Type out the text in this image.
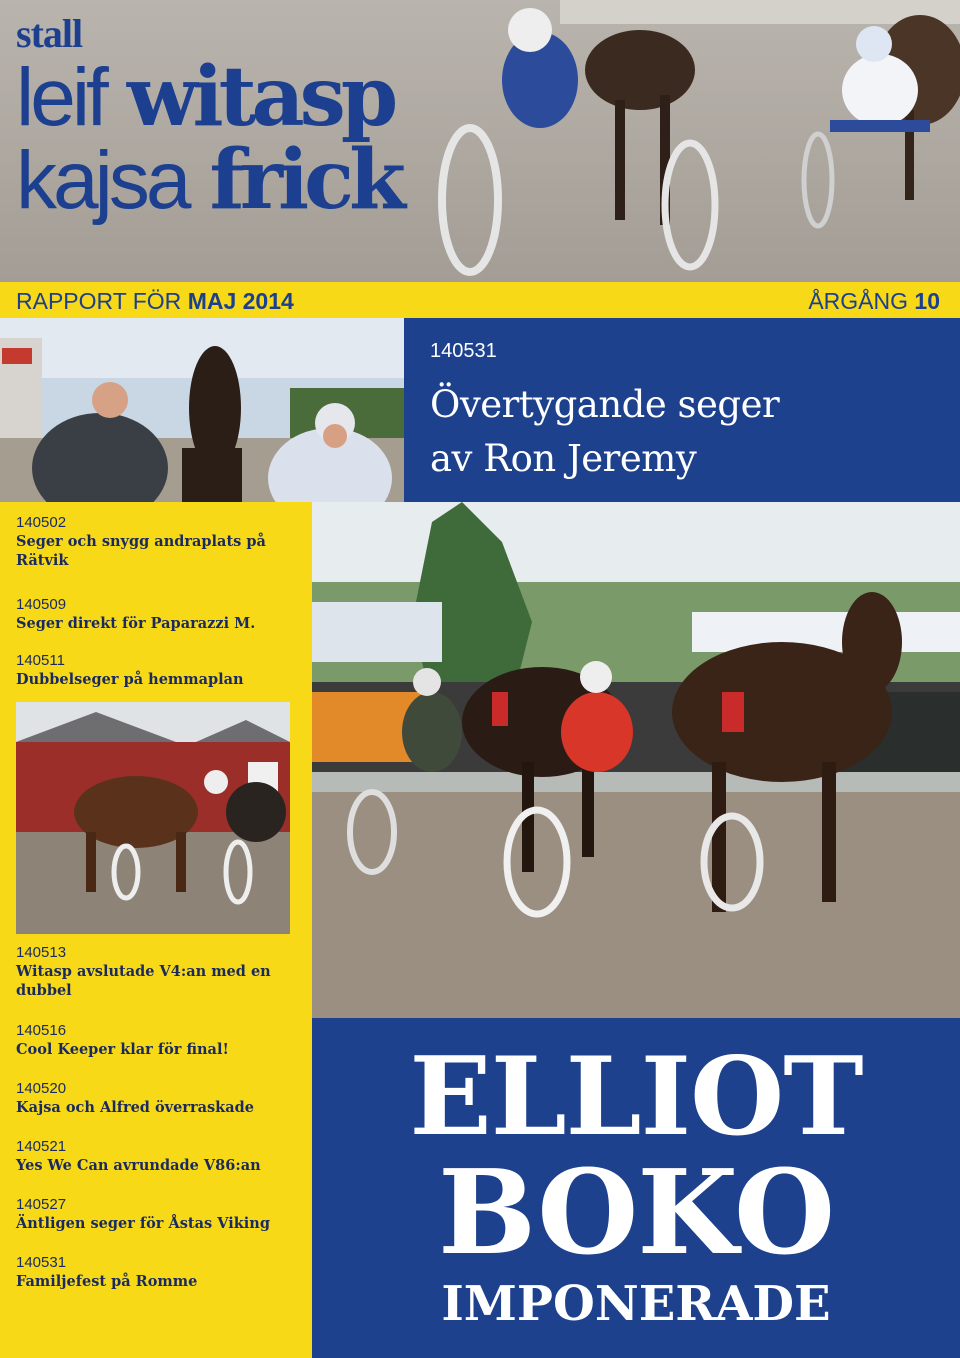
stall
leif witasp
kajsa frick
RAPPORT FÖR MAJ 2014	ÅRGÅNG 10
140531
Övertygande seger
av Ron Jeremy
140502
Seger och snygg andraplats på Rätvik
140509
Seger direkt för Paparazzi M.
140511
Dubbelseger på hemmaplan
140513
Witasp avslutade V4:an med en dubbel
140516
Cool Keeper klar för final!
140520
Kajsa och Alfred överraskade
140521
Yes We Can avrundade V86:an
140527
Äntligen seger för Åstas Viking
140531
Familjefest på Romme
ELLIOT
BOKO
IMPONERADE
